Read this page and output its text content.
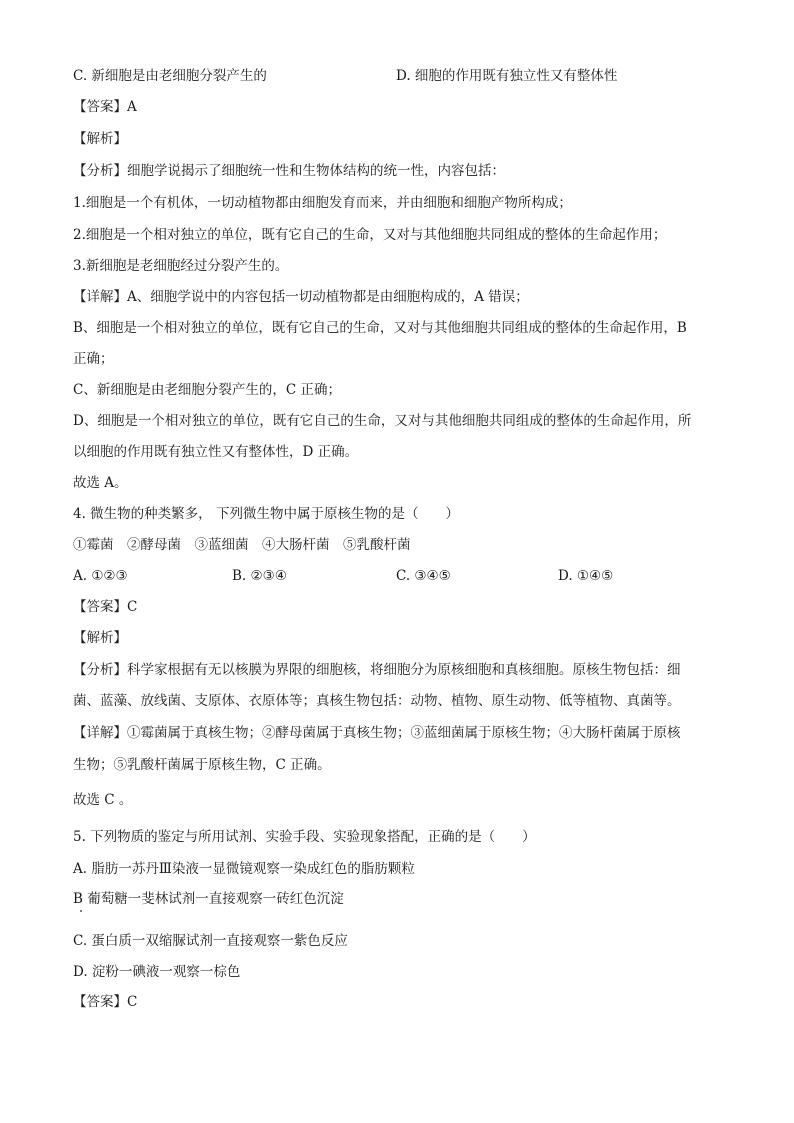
C. 新细胞是由老细胞分裂产生的	D. 细胞的作用既有独立性又有整体性
【答案】A
【解析】
【分析】细胞学说揭示了细胞统一性和生物体结构的统一性，内容包括：
1.细胞是一个有机体，一切动植物都由细胞发育而来，并由细胞和细胞产物所构成；
2.细胞是一个相对独立的单位，既有它自己的生命，又对与其他细胞共同组成的整体的生命起作用；
3.新细胞是老细胞经过分裂产生的。
【详解】A、细胞学说中的内容包括一切动植物都是由细胞构成的，A 错误；
B、细胞是一个相对独立的单位，既有它自己的生命，又对与其他细胞共同组成的整体的生命起作用，B
正确；
C、新细胞是由老细胞分裂产生的，C 正确；
D、细胞是一个相对独立的单位，既有它自己的生命，又对与其他细胞共同组成的整体的生命起作用，所
以细胞的作用既有独立性又有整体性，D 正确。
故选 A。
4. 微生物的种类繁多， 下列微生物中属于原核生物的是（　　）
①霉菌　②酵母菌　③蓝细菌　④大肠杆菌　⑤乳酸杆菌
A. ①②③	B. ②③④	C. ③④⑤	D. ①④⑤
【答案】C
【解析】
【分析】科学家根据有无以核膜为界限的细胞核，将细胞分为原核细胞和真核细胞。原核生物包括：细
菌、蓝藻、放线菌、支原体、衣原体等；真核生物包括：动物、植物、原生动物、低等植物、真菌等。
【详解】①霉菌属于真核生物；②酵母菌属于真核生物；③蓝细菌属于原核生物；④大肠杆菌属于原核
生物；⑤乳酸杆菌属于原核生物，C 正确。
故选 C 。
5. 下列物质的鉴定与所用试剂、实验手段、实验现象搭配，正确的是（　　）
A. 脂肪一苏丹Ⅲ染液一显微镜观察一染成红色的脂肪颗粒
B 葡萄糖一斐林试剂一直接观察一砖红色沉淀
C. 蛋白质一双缩脲试剂一直接观察一紫色反应
D. 淀粉一碘液一观察一棕色
【答案】C
